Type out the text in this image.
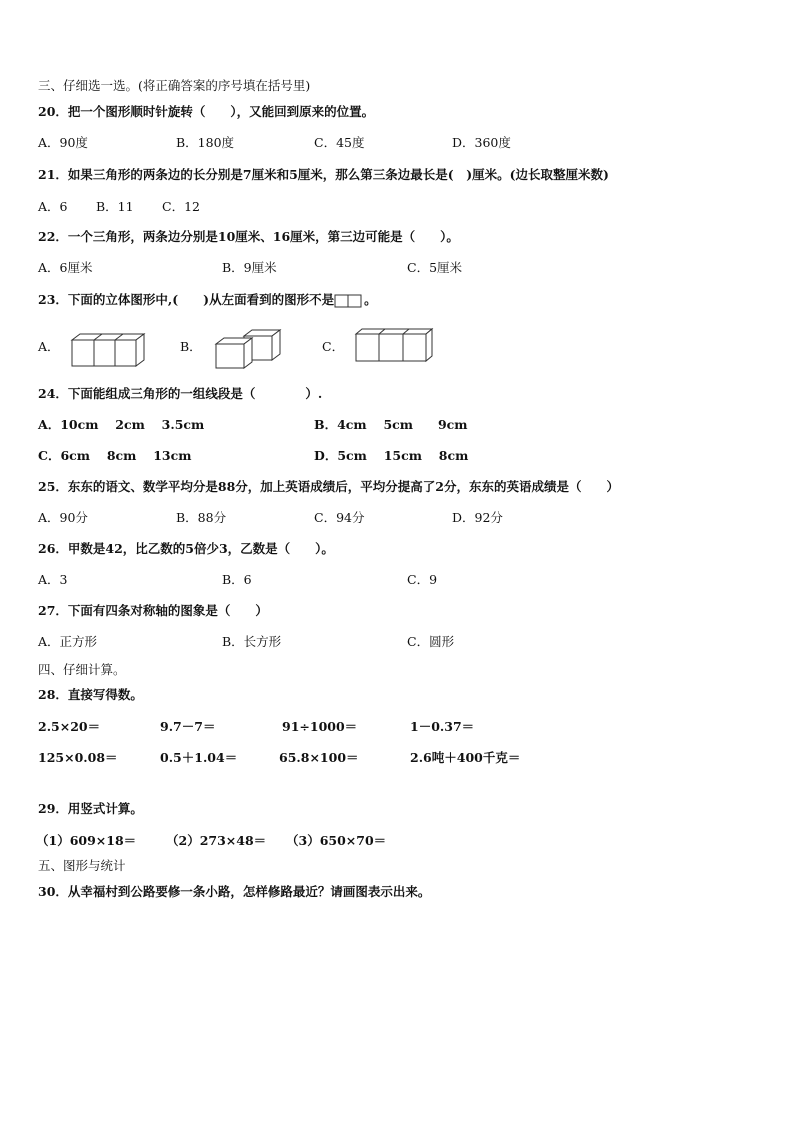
三、仔细选一选。(将正确答案的序号填在括号里)
20．把一个图形顺时针旋转（　　），又能回到原来的位置。
A．90度	B．180度	C．45度	D．360度
21．如果三角形的两条边的长分别是7厘米和5厘米，那么第三条边最长是(　)厘米。(边长取整厘米数)
A．6 B．11 C．12
22．一个三角形，两条边分别是10厘米、16厘米，第三边可能是（　　）。
A．6厘米	B．9厘米	C．5厘米
23．下面的立体图形中,(　　)从左面看到的图形不是 。
A．	B．	C．
24．下面能组成三角形的一组线段是（　　　　）.
A．10cm　 2cm　 3.5cm	B．4cm　 5cm　　9cm
C．6cm　 8cm　 13cm	D．5cm　 15cm　 8cm
25．东东的语文、数学平均分是88分，加上英语成绩后，平均分提高了2分，东东的英语成绩是（　　）
A．90分	B．88分	C．94分	D．92分
26．甲数是42，比乙数的5倍少3，乙数是（　　）。
A．3	B．6	C．9
27．下面有四条对称轴的图象是（　　）
A．正方形	B．长方形	C．圆形
四、仔细计算。
28．直接写得数。
2.5×20＝	9.7－7＝	91÷1000＝	1－0.37＝
125×0.08＝	0.5＋1.04＝	65.8×100＝	2.6吨＋400千克＝
29．用竖式计算。
（1）609×18＝ （2）273×48＝ （3）650×70＝
五、图形与统计
30．从幸福村到公路要修一条小路，怎样修路最近？请画图表示出来。
